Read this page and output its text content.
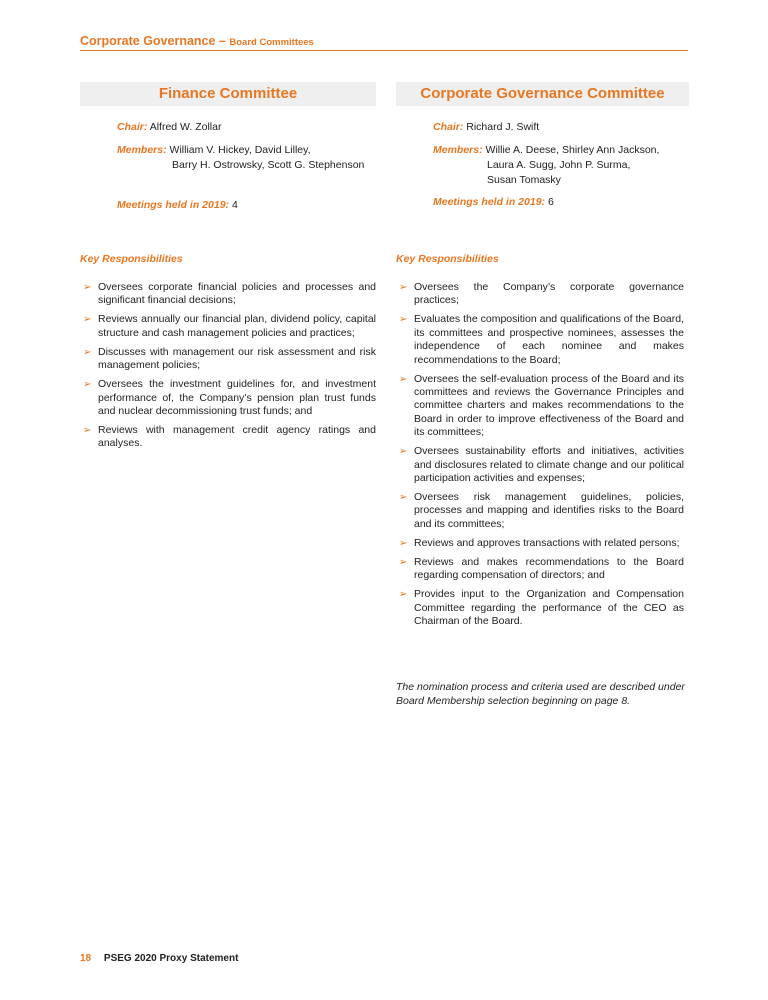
Corporate Governance – Board Committees
Finance Committee
Chair: Alfred W. Zollar
Members: William V. Hickey, David Lilley,
Barry H. Ostrowsky, Scott G. Stephenson
Meetings held in 2019: 4
Key Responsibilities
➢ Oversees corporate financial policies and processes and significant financial decisions;
➢ Reviews annually our financial plan, dividend policy, capital structure and cash management policies and practices;
➢ Discusses with management our risk assessment and risk management policies;
➢ Oversees the investment guidelines for, and investment performance of, the Company’s pension plan trust funds and nuclear decommissioning trust funds; and
➢ Reviews with management credit agency ratings and analyses.
Corporate Governance Committee
Chair: Richard J. Swift
Members: Willie A. Deese, Shirley Ann Jackson,
Laura A. Sugg, John P. Surma,
Susan Tomasky
Meetings held in 2019: 6
Key Responsibilities
➢ Oversees the Company’s corporate governance practices;
➢ Evaluates the composition and qualifications of the Board, its committees and prospective nominees, assesses the independence of each nominee and makes recommendations to the Board;
➢ Oversees the self-evaluation process of the Board and its committees and reviews the Governance Principles and committee charters and makes recommendations to the Board in order to improve effectiveness of the Board and its committees;
➢ Oversees sustainability efforts and initiatives, activities and disclosures related to climate change and our political participation activities and expenses;
➢ Oversees risk management guidelines, policies, processes and mapping and identifies risks to the Board and its committees;
➢ Reviews and approves transactions with related persons;
➢ Reviews and makes recommendations to the Board regarding compensation of directors; and
➢ Provides input to the Organization and Compensation Committee regarding the performance of the CEO as Chairman of the Board.
The nomination process and criteria used are described under Board Membership selection beginning on page 8.
18 PSEG 2020 Proxy Statement
